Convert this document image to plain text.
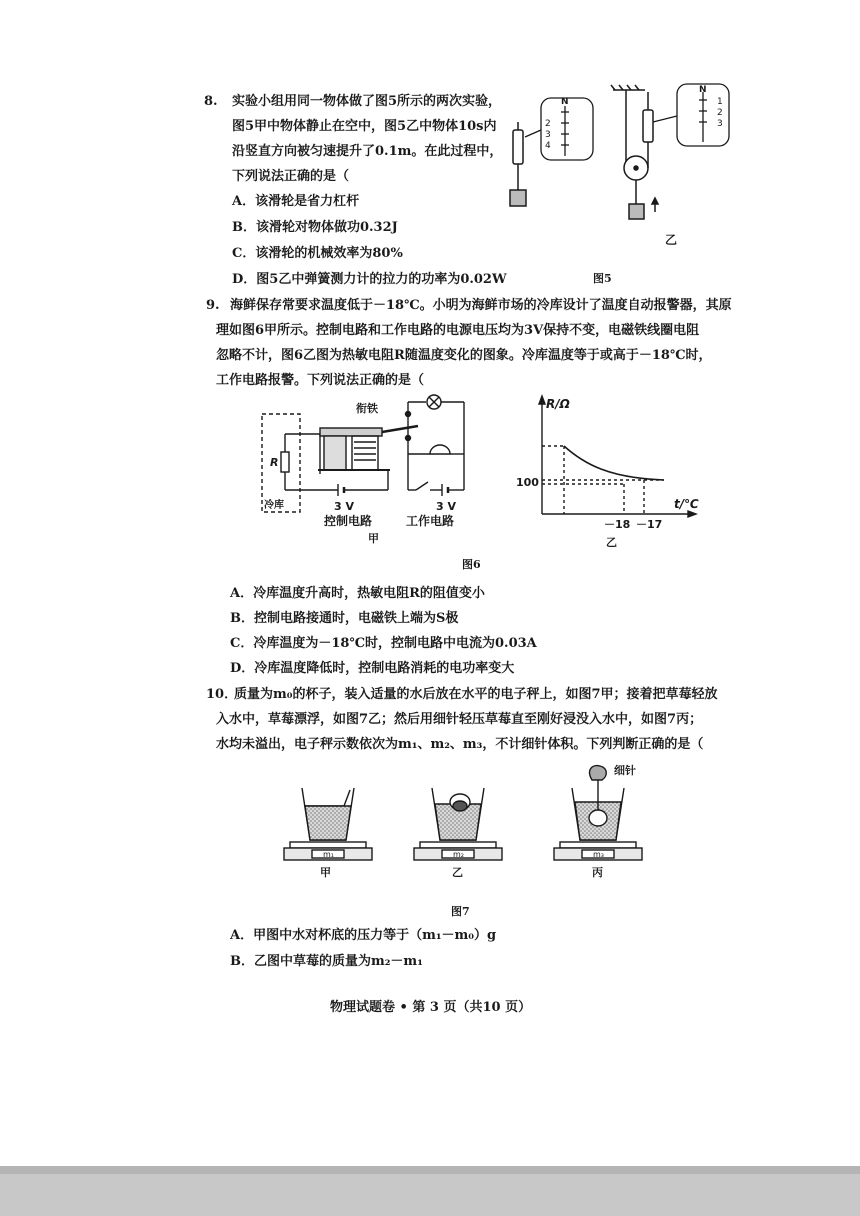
8. 实验小组用同一物体做了图5所示的两次实验，
图5甲中物体静止在空中，图5乙中物体10s内
沿竖直方向被匀速提升了0.1m。在此过程中，
下列说法正确的是（
A．该滑轮是省力杠杆
B．该滑轮对物体做功0.32J
C．该滑轮的机械效率为80%
D．图5乙中弹簧测力计的拉力的功率为0.02W
N
2
3
4
N
1
2
3
乙
图5
9. 海鲜保存常要求温度低于－18℃。小明为海鲜市场的冷库设计了温度自动报警器，其原
理如图6甲所示。控制电路和工作电路的电源电压均为3V保持不变，电磁铁线圈电阻
忽略不计，图6乙图为热敏电阻R随温度变化的图象。冷库温度等于或高于－18℃时，
工作电路报警。下列说法正确的是（
衔铁
R
冷库	3 V	3 V
控制电路	工作电路
甲
R/Ω
t/℃
100
－18 －17
乙
图6
A．冷库温度升高时，热敏电阻R的阻值变小
B．控制电路接通时，电磁铁上端为S极
C．冷库温度为－18℃时，控制电路中电流为0.03A
D．冷库温度降低时，控制电路消耗的电功率变大
10．
质量为m₀的杯子，装入适量的水后放在水平的电子秤上，如图7甲；接着把草莓轻放
入水中，草莓漂浮，如图7乙；然后用细针轻压草莓直至刚好浸没入水中，如图7丙；
水均未溢出，电子秤示数依次为m₁、m₂、m₃，不计细针体积。下列判断正确的是（
m₁
甲
m₂
乙
m₃
细针
丙
图7
A．甲图中水对杯底的压力等于（m₁－m₀）g
B．乙图中草莓的质量为m₂－m₁
物理试题卷 • 第 3 页（共10 页）
